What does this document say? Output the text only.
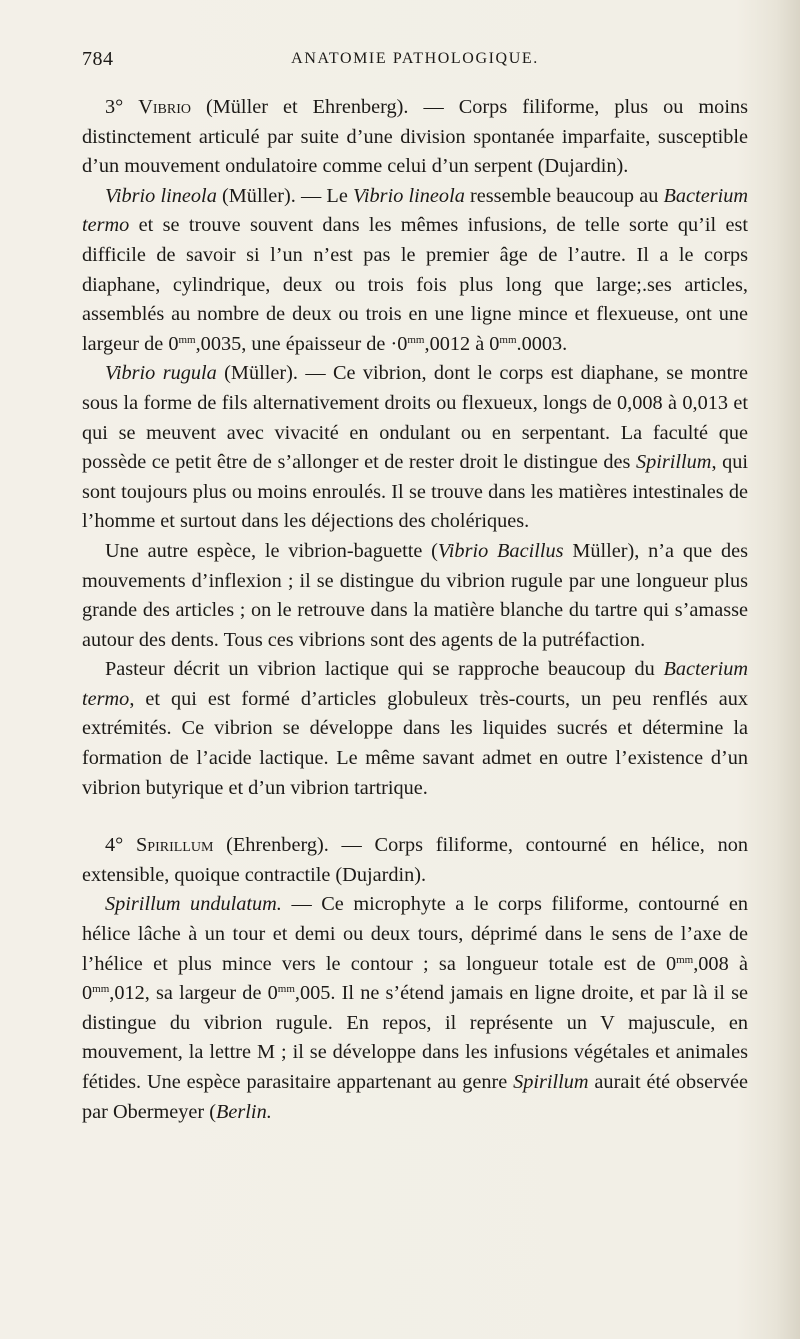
784	ANATOMIE PATHOLOGIQUE.

3° Vibrio (Müller et Ehrenberg). — Corps filiforme, plus ou moins distinctement articulé par suite d’une division spontanée imparfaite, susceptible d’un mouvement ondulatoire comme celui d’un serpent (Dujardin).

Vibrio lineola (Müller). — Le Vibrio lineola ressemble beaucoup au Bacterium termo et se trouve souvent dans les mêmes infusions, de telle sorte qu’il est difficile de savoir si l’un n’est pas le premier âge de l’autre. Il a le corps diaphane, cylindrique, deux ou trois fois plus long que large;.ses articles, assemblés au nombre de deux ou trois en une ligne mince et flexueuse, ont une largeur de $0^{mm},0035$, une épaisseur de $\cdot 0^{mm},0012$ à $0^{mm}.0003$.

Vibrio rugula (Müller). — Ce vibrion, dont le corps est diaphane, se montre sous la forme de fils alternativement droits ou flexueux, longs de 0,008 à 0,013 et qui se meuvent avec vivacité en ondulant ou en serpentant. La faculté que possède ce petit être de s’allonger et de rester droit le distingue des Spirillum, qui sont toujours plus ou moins enroulés. Il se trouve dans les matières intestinales de l’homme et surtout dans les déjections des cholériques.

Une autre espèce, le vibrion-baguette (Vibrio Bacillus Müller), n’a que des mouvements d’inflexion ; il se distingue du vibrion rugule par une longueur plus grande des articles ; on le retrouve dans la matière blanche du tartre qui s’amasse autour des dents. Tous ces vibrions sont des agents de la putréfaction.

Pasteur décrit un vibrion lactique qui se rapproche beaucoup du Bacterium termo, et qui est formé d’articles globuleux très-courts, un peu renflés aux extrémités. Ce vibrion se développe dans les liquides sucrés et détermine la formation de l’acide lactique. Le même savant admet en outre l’existence d’un vibrion butyrique et d’un vibrion tartrique.

4° Spirillum (Ehrenberg). — Corps filiforme, contourné en hélice, non extensible, quoique contractile (Dujardin).

Spirillum undulatum. — Ce microphyte a le corps filiforme, contourné en hélice lâche à un tour et demi ou deux tours, déprimé dans le sens de l’axe de l’hélice et plus mince vers le contour ; sa longueur totale est de $0^{mm},008$ à $0^{mm},012$, sa largeur de $0^{mm},005$. Il ne s’étend jamais en ligne droite, et par là il se distingue du vibrion rugule. En repos, il représente un V majuscule, en mouvement, la lettre M ; il se développe dans les infusions végétales et animales fétides. Une espèce parasitaire appartenant au genre Spirillum aurait été observée par Obermeyer (Berlin.
